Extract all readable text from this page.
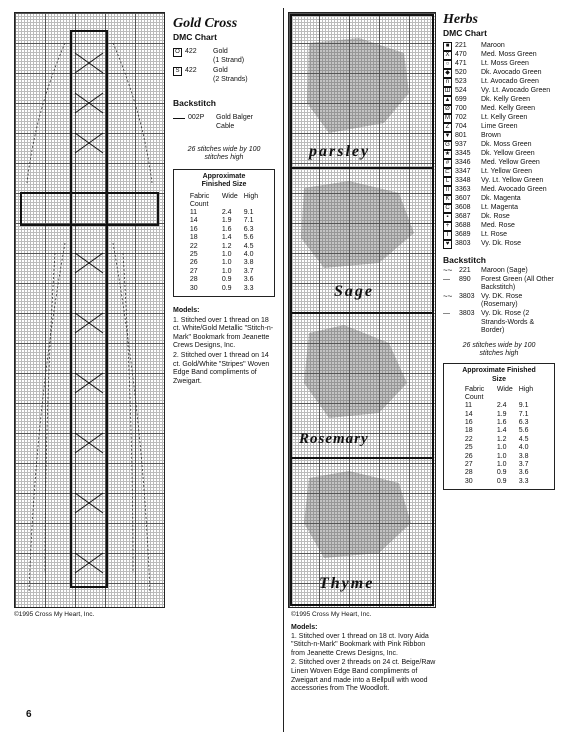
©1995 Cross My Heart, Inc.
Gold Cross
DMC Chart
O 422	Gold
(1 Strand)
S 422	Gold
(2 Strands)
Backstitch
002P	Gold Balger Cable
26 stitches wide by 100 stitches high
Approximate Finished Size
Fabric Count	Wide	High
11	2.4	9.1
14	1.9	7.1
16	1.6	6.3
18	1.4	5.6
22	1.2	4.5
25	1.0	4.0
26	1.0	3.8
27	1.0	3.7
28	0.9	3.6
30	0.9	3.3
Models:
1. Stitched over 1 thread on 18 ct. White/Gold Metallic "Stitch-n-Mark" Bookmark from Jeanette Crews Designs, Inc.
2. Stitched over 1 thread on 14 ct. Gold/White "Stripes" Woven Edge Band compliments of Zweigart.
parsley
Sage
Rosemary
Thyme
©1995 Cross My Heart, Inc.
Models:
1. Stitched over 1 thread on 18 ct. Ivory Aida "Stitch-n-Mark" Bookmark with Pink Ribbon from Jeanette Crews Designs, Inc.
2. Stitched over 2 threads on 24 ct. Beige/Raw Linen Woven Edge Band compliments of Zweigart and made into a Bellpull with wood accessories from The Woodloft.
Herbs
DMC Chart
■ 221	Maroon
X 470	Med. Moss Green
○ 471	Lt. Moss Green
◆ 520	Dk. Avocado Green
n 523	Lt. Avocado Green
Ш 524	Vy. Lt. Avocado Green
▲ 699	Dk. Kelly Green
Ø 700	Med. Kelly Green
M 702	Lt. Kelly Green
Z 704	Lime Green
▼ 801	Brown
G 937	Dk. Moss Green
★ 3345	Dk. Yellow Green
# 3346	Med. Yellow Green
⊏ 3347	Lt. Yellow Green
L 3348	Vy. Lt. Yellow Green
II 3363	Med. Avocado Green
K 3607	Dk. Magenta
C 3608	Lt. Magenta
▪ 3687	Dk. Rose
+ 3688	Med. Rose
I 3689	Lt. Rose
♥ 3803	Vy. Dk. Rose
Backstitch
~~ 221	Maroon (Sage)
—	890	Forest Green (All Other Backstitch)
~~ 3803 Vy. DK. Rose (Rosemary)
—	3803 Vy. Dk. Rose (2 Strands-Words & Border)
26 stitches wide by 100 stitches high
Approximate Finished Size
Fabric Count	Wide	High
11	2.4	9.1
14	1.9	7.1
16	1.6	6.3
18	1.4	5.6
22	1.2	4.5
25	1.0	4.0
26	1.0	3.8
27	1.0	3.7
28	0.9	3.6
30	0.9	3.3
6
